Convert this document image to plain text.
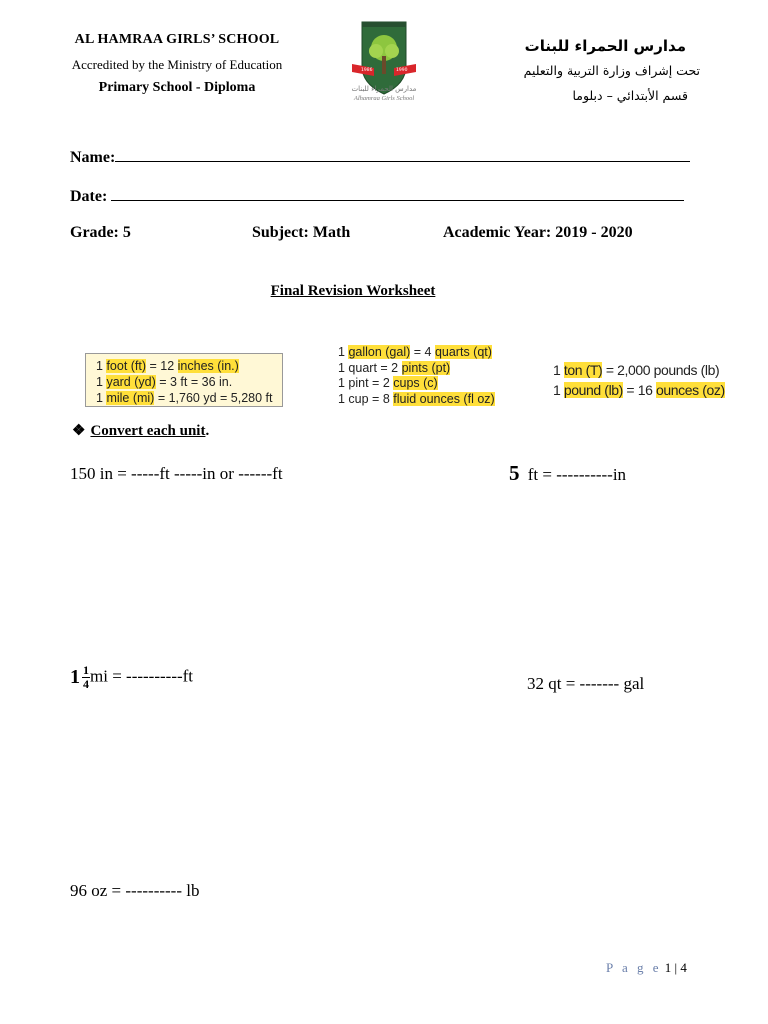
AL HAMRAA GIRLS’ SCHOOL
Accredited by the Ministry of Education
Primary School - Diploma
1986	1990
مدارس الحمراء للبنات
Alhamraa Girls School
مدارس الحمراء للبنات
تحت إشراف وزارة التربية والتعليم
قسم الأبتدائي – دبلوما
Name:
Date:
Grade: 5	Subject: Math	Academic Year: 2019 - 2020
Final Revision Worksheet
1 foot (ft) = 12 inches (in.)
1 yard (yd) = 3 ft = 36 in.
1 mile (mi) = 1,760 yd = 5,280 ft
1 gallon (gal) = 4 quarts (qt)
1 quart = 2 pints (pt)
1 pint = 2 cups (c)
1 cup = 8 fluid ounces (fl oz)
1 ton (T) = 2,000 pounds (lb)
1 pound (lb) = 16 ounces (oz)
❖ Convert each unit.
150 in = -----ft -----in or ------ft	5 ft = ----------in
$1 \frac{1}{4}$ mi = ----------ft	32 qt = ------- gal
96 oz = ---------- lb
P a g e 1 | 4
